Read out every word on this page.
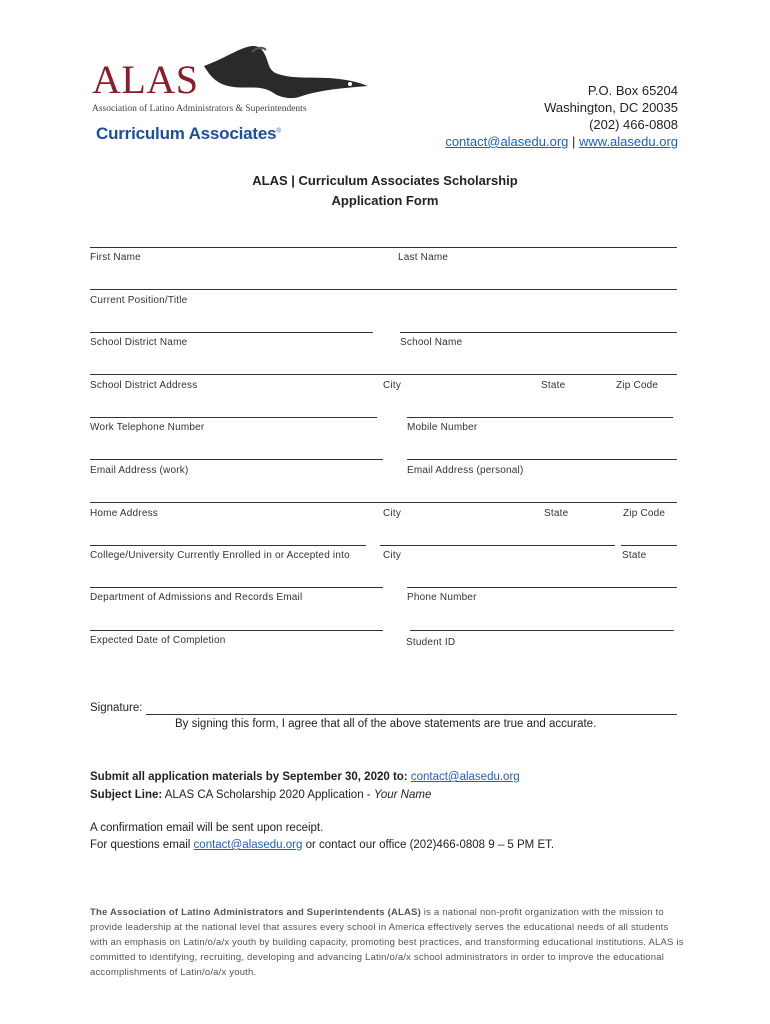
ALAS
Association of Latino Administrators & Superintendents
Curriculum Associates®
P.O. Box 65204
Washington, DC 20035
(202) 466-0808
contact@alasedu.org | www.alasedu.org
ALAS | Curriculum Associates Scholarship
Application Form
First Name	Last Name
Current Position/Title
School District Name	School Name
School District Address	City	State	Zip Code
Work Telephone Number	Mobile Number
Email Address (work)	Email Address (personal)
Home Address	City	State	Zip Code
College/University Currently Enrolled in or Accepted into	City	State
Department of Admissions and Records Email	Phone Number
Expected Date of Completion	Student ID
Signature:
By signing this form, I agree that all of the above statements are true and accurate.
Submit all application materials by September 30, 2020 to: contact@alasedu.org
Subject Line: ALAS CA Scholarship 2020 Application - Your Name
A confirmation email will be sent upon receipt.
For questions email contact@alasedu.org or contact our office (202)466-0808 9 – 5 PM ET.
The Association of Latino Administrators and Superintendents (ALAS) is a national non-profit organization with the mission to provide leadership at the national level that assures every school in America effectively serves the educational needs of all students with an emphasis on Latin/o/a/x youth by building capacity, promoting best practices, and transforming educational institutions. ALAS is committed to identifying, recruiting, developing and advancing Latin/o/a/x school administrators in order to improve the educational accomplishments of Latin/o/a/x youth.
